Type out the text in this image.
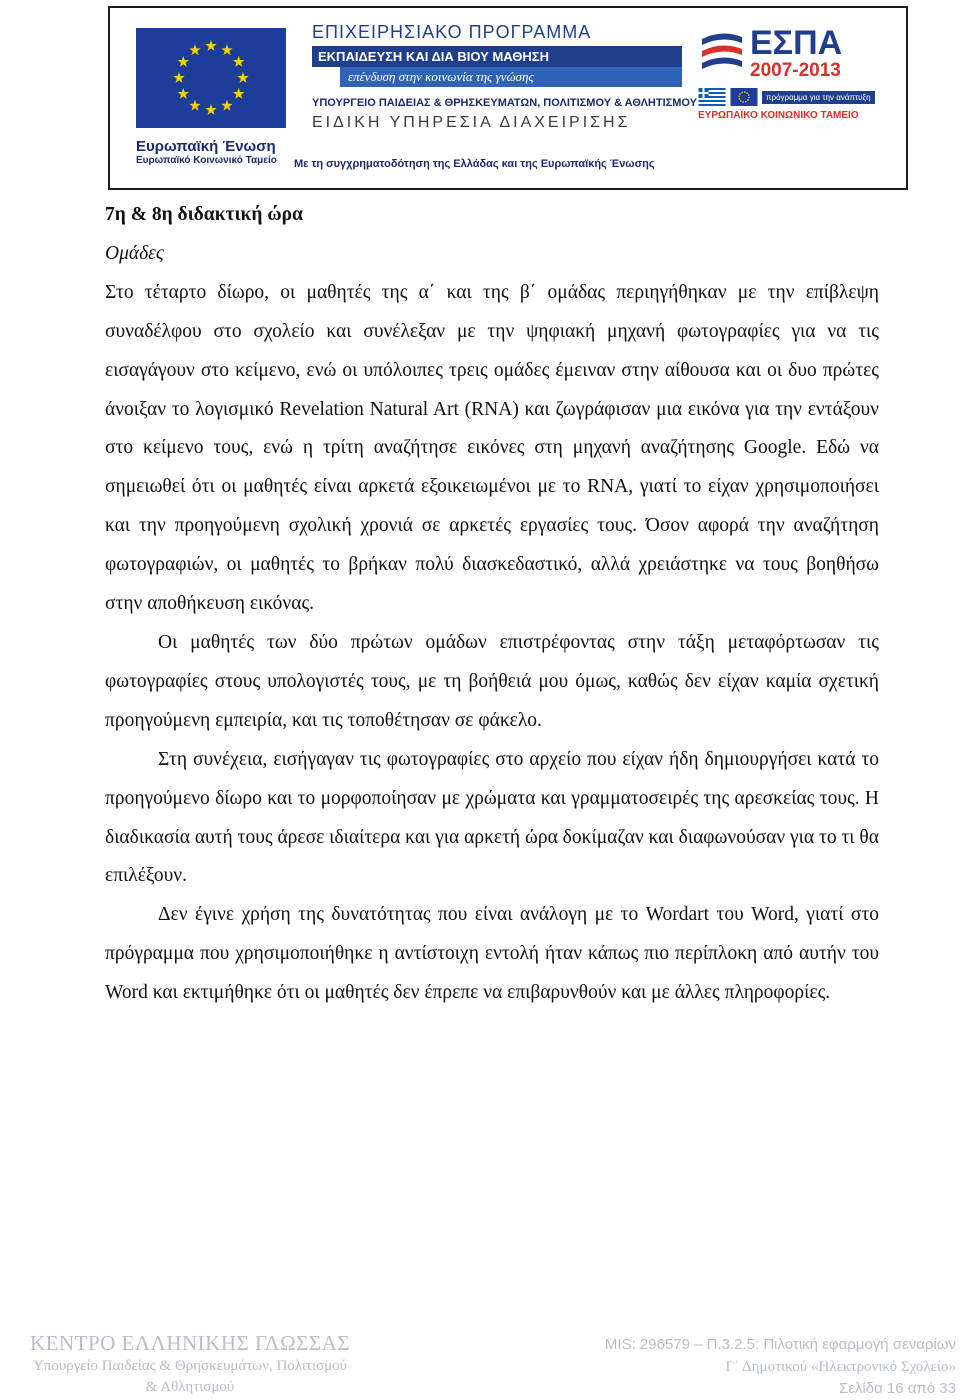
Ευρωπαϊκή Ένωση
Ευρωπαϊκό Κοινωνικό Ταμείο
ΕΠΙΧΕΙΡΗΣΙΑΚΟ ΠΡΟΓΡΑΜΜΑ
ΕΚΠΑΙΔΕΥΣΗ ΚΑΙ ΔΙΑ ΒΙΟΥ ΜΑΘΗΣΗ
επένδυση στην κοινωνία της γνώσης
ΥΠΟΥΡΓΕΙΟ ΠΑΙΔΕΙΑΣ & ΘΡΗΣΚΕΥΜΑΤΩΝ, ΠΟΛΙΤΙΣΜΟΥ & ΑΘΛΗΤΙΣΜΟΥ
ΕΙΔΙΚΗ ΥΠΗΡΕΣΙΑ ΔΙΑΧΕΙΡΙΣΗΣ
Με τη συγχρηματοδότηση της Ελλάδας και της Ευρωπαϊκής Ένωσης
ΕΣΠΑ
2007-2013
πρόγραμμα για την ανάπτυξη
ΕΥΡΩΠΑΪΚΟ ΚΟΙΝΩΝΙΚΟ ΤΑΜΕΙΟ

7η & 8η διδακτική ώρα

Ομάδες

Στο τέταρτο δίωρο, οι μαθητές της α΄ και της β΄ ομάδας περιηγήθηκαν με την επίβλεψη συναδέλφου στο σχολείο και συνέλεξαν με την ψηφιακή μηχανή φωτογραφίες για να τις εισαγάγουν στο κείμενο, ενώ οι υπόλοιπες τρεις ομάδες έμειναν στην αίθουσα και οι δυο πρώτες άνοιξαν το λογισμικό Revelation Natural Art (RNA) και ζωγράφισαν μια εικόνα για την εντάξουν στο κείμενο τους, ενώ η τρίτη αναζήτησε εικόνες στη μηχανή αναζήτησης Google. Εδώ να σημειωθεί ότι οι μαθητές είναι αρκετά εξοικειωμένοι με το RNA, γιατί το είχαν χρησιμοποιήσει και την προηγούμενη σχολική χρονιά σε αρκετές εργασίες τους. Όσον αφορά την αναζήτηση φωτογραφιών, οι μαθητές το βρήκαν πολύ διασκεδαστικό, αλλά χρειάστηκε να τους βοηθήσω στην αποθήκευση εικόνας.

Οι μαθητές των δύο πρώτων ομάδων επιστρέφοντας στην τάξη μεταφόρτωσαν τις φωτογραφίες στους υπολογιστές τους, με τη βοήθειά μου όμως, καθώς δεν είχαν καμία σχετική προηγούμενη εμπειρία, και τις τοποθέτησαν σε φάκελο.

Στη συνέχεια, εισήγαγαν τις φωτογραφίες στο αρχείο που είχαν ήδη δημιουργήσει κατά το προηγούμενο δίωρο και το μορφοποίησαν με χρώματα και γραμματοσειρές της αρεσκείας τους. Η διαδικασία αυτή τους άρεσε ιδιαίτερα και για αρκετή ώρα δοκίμαζαν και διαφωνούσαν για το τι θα επιλέξουν.

Δεν έγινε χρήση της δυνατότητας που είναι ανάλογη με το Wordart του Word, γιατί στο πρόγραμμα που χρησιμοποιήθηκε η αντίστοιχη εντολή ήταν κάπως πιο περίπλοκη από αυτήν του Word και εκτιμήθηκε ότι οι μαθητές δεν έπρεπε να επιβαρυνθούν και με άλλες πληροφορίες.

ΚΕΝΤΡΟ ΕΛΛΗΝΙΚΗΣ ΓΛΩΣΣΑΣ
Υπουργείο Παιδείας & Θρησκευμάτων, Πολιτισμού
& Αθλητισμού
MIS: 296579 – Π.3.2.5: Πιλοτική εφαρμογή σεναρίων
Γ΄ Δημοτικού «Ηλεκτρονικό Σχολείο»
Σελίδα 16 από 33
